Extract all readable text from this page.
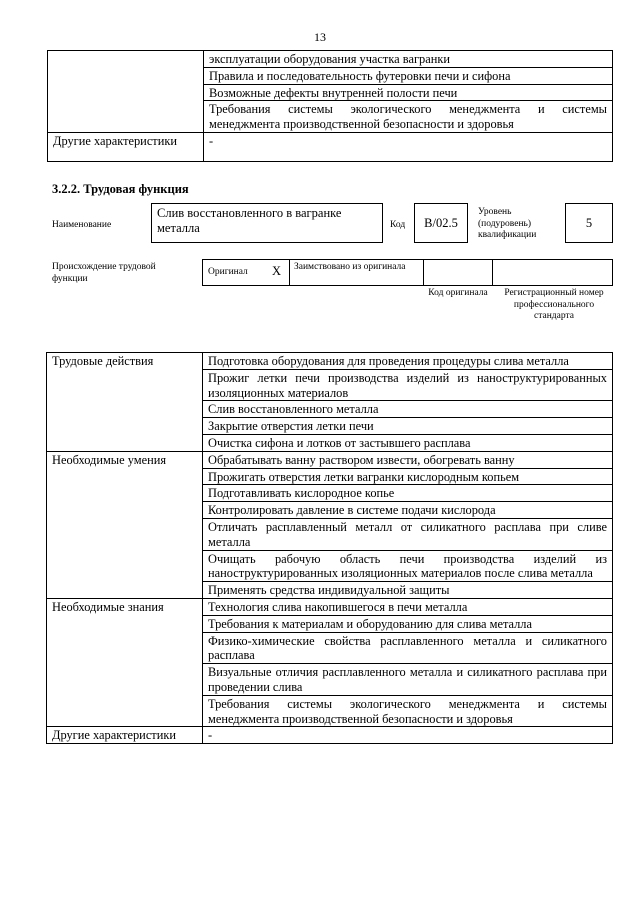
13
	эксплуатации оборудования участка вагранки
	Правила и последовательность футеровки печи и сифона
	Возможные дефекты внутренней полости печи
	Требования системы экологического менеджмента и системы менеджмента производственной безопасности и здоровья
Другие характеристики	-
3.2.2. Трудовая функция
Наименование
Слив восстановленного в вагранке металла	Код	B/02.5
Уровень (подуровень) квалификации
5
Происхождение трудовой функции
Оригинал X Заимствовано из оригинала
Код оригинала	Регистрационный номер профессионального стандарта
Трудовые действия	Подготовка оборудования для проведения процедуры слива металла
	Прожиг летки печи производства изделий из наноструктурированных изоляционных материалов
	Слив восстановленного металла
	Закрытие отверстия летки печи
	Очистка сифона и лотков от застывшего расплава
Необходимые умения	Обрабатывать ванну раствором извести, обогревать ванну
	Прожигать отверстия летки вагранки кислородным копьем
	Подготавливать кислородное копье
	Контролировать давление в системе подачи кислорода
	Отличать расплавленный металл от силикатного расплава при сливе металла
	Очищать рабочую область печи производства изделий из наноструктурированных изоляционных материалов после слива металла
	Применять средства индивидуальной защиты
Необходимые знания	Технология слива накопившегося в печи металла
	Требования к материалам и оборудованию для слива металла
	Физико-химические свойства расплавленного металла и силикатного расплава
	Визуальные отличия расплавленного металла и силикатного расплава при проведении слива
	Требования системы экологического менеджмента и системы менеджмента производственной безопасности и здоровья
Другие характеристики	-
